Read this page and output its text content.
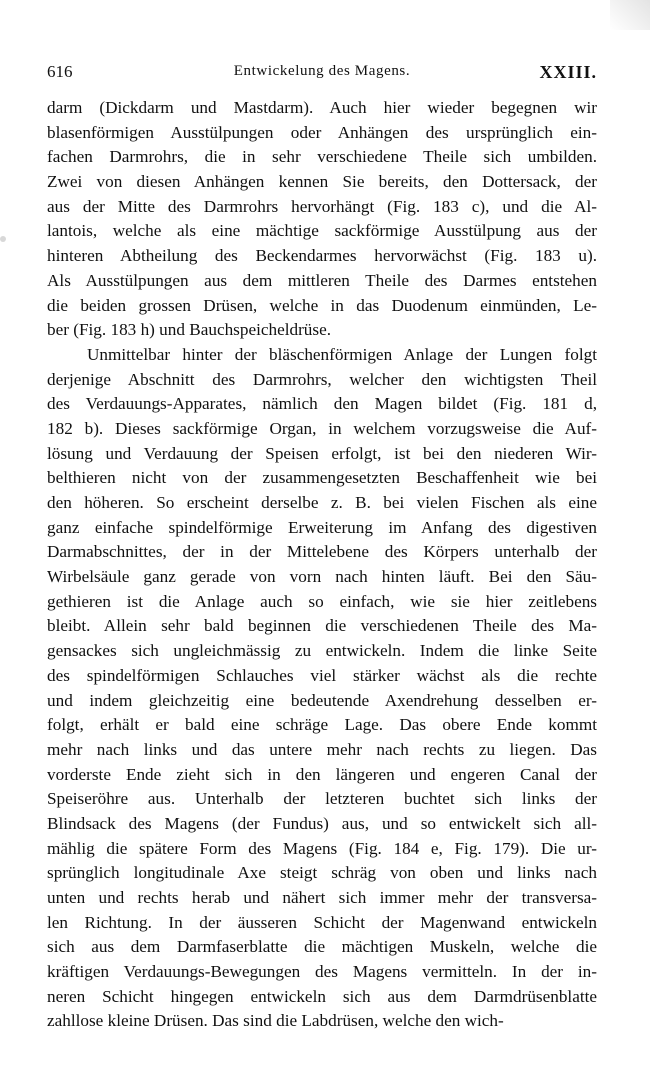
616	Entwickelung des Magens.	XXIII.
darm (Dickdarm und Mastdarm). Auch hier wieder begegnen wir
blasenförmigen Ausstülpungen oder Anhängen des ursprünglich ein-
fachen Darmrohrs, die in sehr verschiedene Theile sich umbilden.
Zwei von diesen Anhängen kennen Sie bereits, den Dottersack, der
aus der Mitte des Darmrohrs hervorhängt (Fig. 183 c), und die Al-
lantois, welche als eine mächtige sackförmige Ausstülpung aus der
hinteren Abtheilung des Beckendarmes hervorwächst (Fig. 183 u).
Als Ausstülpungen aus dem mittleren Theile des Darmes entstehen
die beiden grossen Drüsen, welche in das Duodenum einmünden, Le-
ber (Fig. 183 h) und Bauchspeicheldrüse.
Unmittelbar hinter der bläschenförmigen Anlage der Lungen folgt
derjenige Abschnitt des Darmrohrs, welcher den wichtigsten Theil
des Verdauungs-Apparates, nämlich den Magen bildet (Fig. 181 d,
182 b). Dieses sackförmige Organ, in welchem vorzugsweise die Auf-
lösung und Verdauung der Speisen erfolgt, ist bei den niederen Wir-
belthieren nicht von der zusammengesetzten Beschaffenheit wie bei
den höheren. So erscheint derselbe z. B. bei vielen Fischen als eine
ganz einfache spindelförmige Erweiterung im Anfang des digestiven
Darmabschnittes, der in der Mittelebene des Körpers unterhalb der
Wirbelsäule ganz gerade von vorn nach hinten läuft. Bei den Säu-
gethieren ist die Anlage auch so einfach, wie sie hier zeitlebens
bleibt. Allein sehr bald beginnen die verschiedenen Theile des Ma-
gensackes sich ungleichmässig zu entwickeln. Indem die linke Seite
des spindelförmigen Schlauches viel stärker wächst als die rechte
und indem gleichzeitig eine bedeutende Axendrehung desselben er-
folgt, erhält er bald eine schräge Lage. Das obere Ende kommt
mehr nach links und das untere mehr nach rechts zu liegen. Das
vorderste Ende zieht sich in den längeren und engeren Canal der
Speiseröhre aus. Unterhalb der letzteren buchtet sich links der
Blindsack des Magens (der Fundus) aus, und so entwickelt sich all-
mählig die spätere Form des Magens (Fig. 184 e, Fig. 179). Die ur-
sprünglich longitudinale Axe steigt schräg von oben und links nach
unten und rechts herab und nähert sich immer mehr der transversa-
len Richtung. In der äusseren Schicht der Magenwand entwickeln
sich aus dem Darmfaserblatte die mächtigen Muskeln, welche die
kräftigen Verdauungs-Bewegungen des Magens vermitteln. In der in-
neren Schicht hingegen entwickeln sich aus dem Darmdrüsenblatte
zahllose kleine Drüsen. Das sind die Labdrüsen, welche den wich-
